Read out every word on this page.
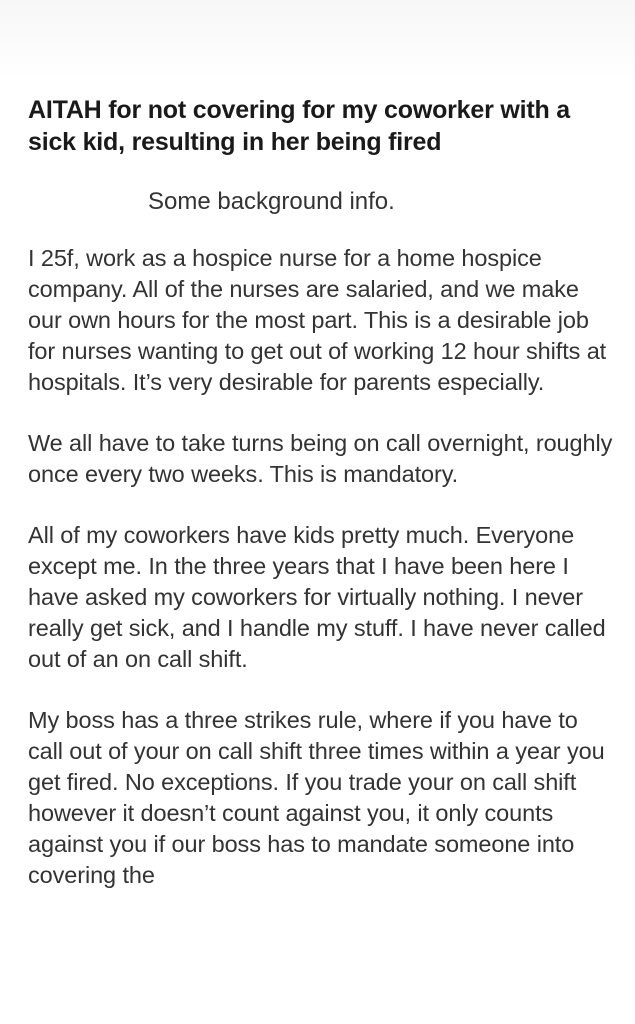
AITAH for not covering for my coworker with a sick kid, resulting in her being fired

Some background info.

I 25f, work as a hospice nurse for a home hospice company. All of the nurses are salaried, and we make our own hours for the most part. This is a desirable job for nurses wanting to get out of working 12 hour shifts at hospitals. It’s very desirable for parents especially.

We all have to take turns being on call overnight, roughly once every two weeks. This is mandatory.

All of my coworkers have kids pretty much. Everyone except me. In the three years that I have been here I have asked my coworkers for virtually nothing. I never really get sick, and I handle my stuff. I have never called out of an on call shift.

My boss has a three strikes rule, where if you have to call out of your on call shift three times within a year you get fired. No exceptions. If you trade your on call shift however it doesn’t count against you, it only counts against you if our boss has to mandate someone into covering the
